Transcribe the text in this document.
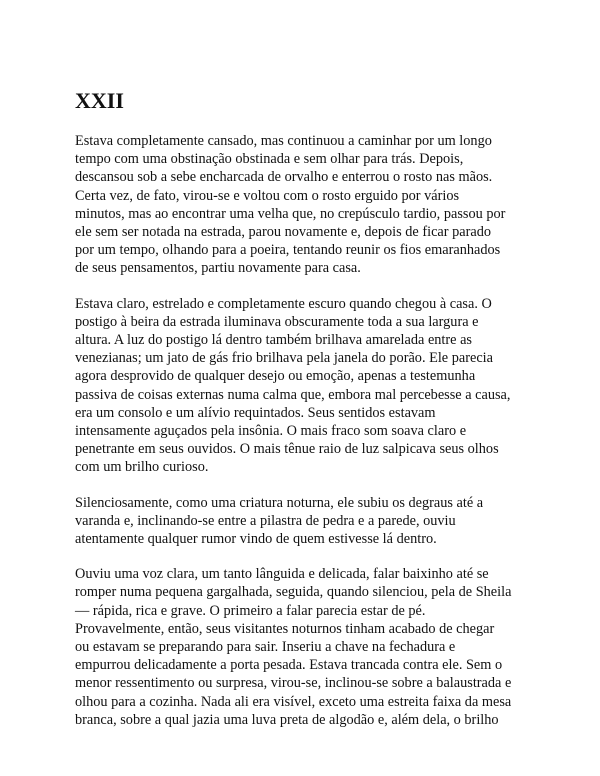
XXII

Estava completamente cansado, mas continuou a caminhar por um longo
tempo com uma obstinação obstinada e sem olhar para trás. Depois,
descansou sob a sebe encharcada de orvalho e enterrou o rosto nas mãos.
Certa vez, de fato, virou-se e voltou com o rosto erguido por vários
minutos, mas ao encontrar uma velha que, no crepúsculo tardio, passou por
ele sem ser notada na estrada, parou novamente e, depois de ficar parado
por um tempo, olhando para a poeira, tentando reunir os fios emaranhados
de seus pensamentos, partiu novamente para casa.

Estava claro, estrelado e completamente escuro quando chegou à casa. O
postigo à beira da estrada iluminava obscuramente toda a sua largura e
altura. A luz do postigo lá dentro também brilhava amarelada entre as
venezianas; um jato de gás frio brilhava pela janela do porão. Ele parecia
agora desprovido de qualquer desejo ou emoção, apenas a testemunha
passiva de coisas externas numa calma que, embora mal percebesse a causa,
era um consolo e um alívio requintados. Seus sentidos estavam
intensamente aguçados pela insônia. O mais fraco som soava claro e
penetrante em seus ouvidos. O mais tênue raio de luz salpicava seus olhos
com um brilho curioso.

Silenciosamente, como uma criatura noturna, ele subiu os degraus até a
varanda e, inclinando-se entre a pilastra de pedra e a parede, ouviu
atentamente qualquer rumor vindo de quem estivesse lá dentro.

Ouviu uma voz clara, um tanto lânguida e delicada, falar baixinho até se
romper numa pequena gargalhada, seguida, quando silenciou, pela de Sheila
— rápida, rica e grave. O primeiro a falar parecia estar de pé.
Provavelmente, então, seus visitantes noturnos tinham acabado de chegar
ou estavam se preparando para sair. Inseriu a chave na fechadura e
empurrou delicadamente a porta pesada. Estava trancada contra ele. Sem o
menor ressentimento ou surpresa, virou-se, inclinou-se sobre a balaustrada e
olhou para a cozinha. Nada ali era visível, exceto uma estreita faixa da mesa
branca, sobre a qual jazia uma luva preta de algodão e, além dela, o brilho
